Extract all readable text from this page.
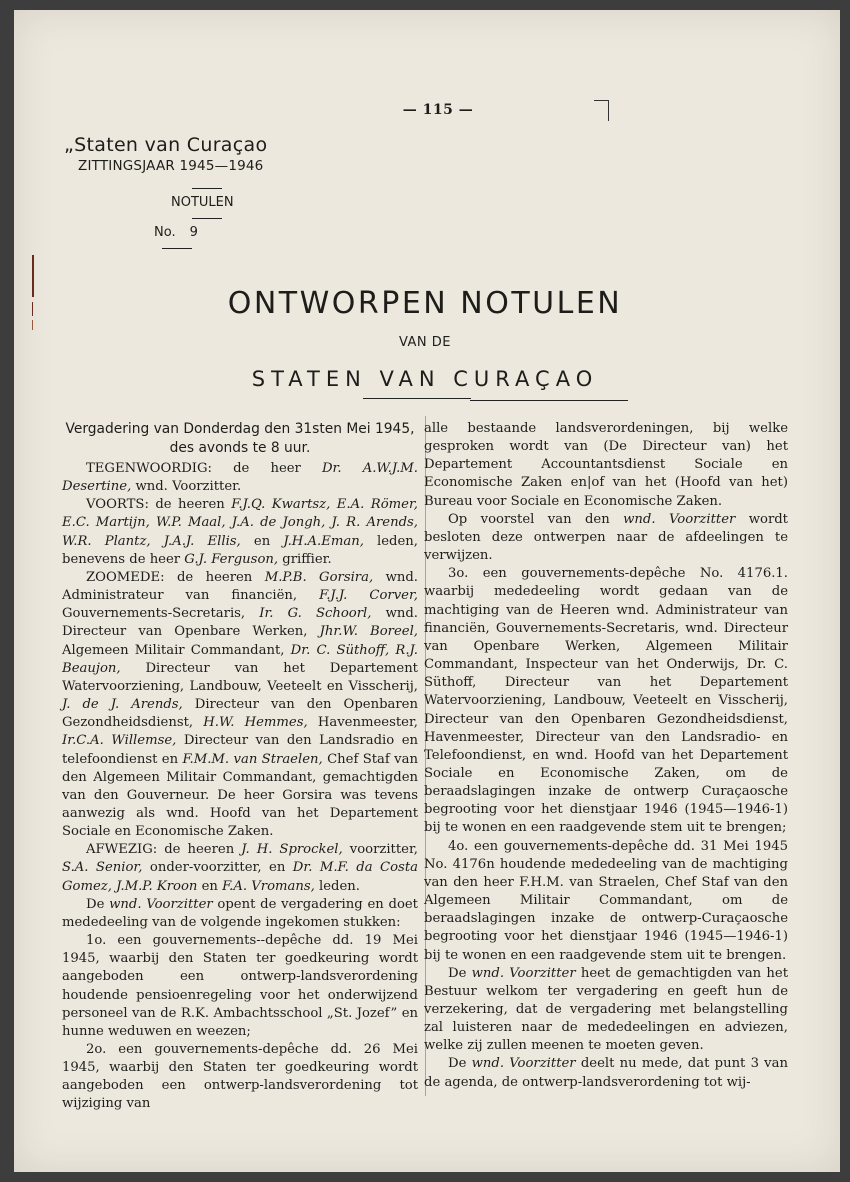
— 115 —
„Staten van Curaçao
ZITTINGSJAAR 1945—1946
NOTULEN
No. 9
ONTWORPEN NOTULEN
VAN DE
STATEN VAN CURAÇAO
Vergadering van Donderdag den 31sten Mei 1945, des avonds te 8 uur.

TEGENWOORDIG: de heer Dr. A.W.J.M. Desertine, wnd. Voorzitter.

VOORTS: de heeren F.J.Q. Kwartsz, E.A. Römer, E.C. Martijn, W.P. Maal, J.A. de Jongh, J. R. Arends, W.R. Plantz, J.A.J. Ellis, en J.H.A.Eman, leden, benevens de heer G.J. Ferguson, griffier.

ZOOMEDE: de heeren M.P.B. Gorsira, wnd. Administrateur van financiën, F.J.J. Corver, Gouvernements-Secretaris, Ir. G. Schoorl, wnd. Directeur van Openbare Werken, Jhr.W. Boreel, Algemeen Militair Commandant, Dr. C. Süthoff, R.J. Beaujon, Directeur van het Departement Watervoorziening, Landbouw, Veeteelt en Visscherij, J. de J. Arends, Directeur van den Openbaren Gezondheidsdienst, H.W. Hemmes, Havenmeester, Ir.C.A. Willemse, Directeur van den Landsradio en telefoondienst en F.M.M. van Straelen, Chef Staf van den Algemeen Militair Commandant, gemachtigden van den Gouverneur. De heer Gorsira was tevens aanwezig als wnd. Hoofd van het Departement Sociale en Economische Zaken.

AFWEZIG: de heeren J. H. Sprockel, voorzitter, S.A. Senior, onder-voorzitter, en Dr. M.F. da Costa Gomez, J.M.P. Kroon en F.A. Vromans, leden.

De wnd. Voorzitter opent de vergadering en doet mededeeling van de volgende ingekomen stukken:

1o. een gouvernements--depêche dd. 19 Mei 1945, waarbij den Staten ter goedkeuring wordt aangeboden een ontwerp-landsverordening houdende pensioenregeling voor het onderwijzend personeel van de R.K. Ambachtsschool „St. Jozef” en hunne weduwen en weezen;

2o. een gouvernements-depêche dd. 26 Mei 1945, waarbij den Staten ter goedkeuring wordt aangeboden een ontwerp-landsverordening tot wijziging van

alle bestaande landsverordeningen, bij welke gesproken wordt van (De Directeur van) het Departement Accountantsdienst Sociale en Economische Zaken en|of van het (Hoofd van het) Bureau voor Sociale en Economische Zaken.

Op voorstel van den wnd. Voorzitter wordt besloten deze ontwerpen naar de afdeelingen te verwijzen.

3o. een gouvernements-depêche No. 4176.1. waarbij mededeeling wordt gedaan van de machtiging van de Heeren wnd. Administrateur van financiën, Gouvernements-Secretaris, wnd. Directeur van Openbare Werken, Algemeen Militair Commandant, Inspecteur van het Onderwijs, Dr. C. Süthoff, Directeur van het Departement Watervoorziening, Landbouw, Veeteelt en Visscherij, Directeur van den Openbaren Gezondheidsdienst, Havenmeester, Directeur van den Landsradio- en Telefoondienst, en wnd. Hoofd van het Departement Sociale en Economische Zaken, om de beraadslagingen inzake de ontwerp Curaçaosche begrooting voor het dienstjaar 1946 (1945—1946-1) bij te wonen en een raadgevende stem uit te brengen;

4o. een gouvernements-depêche dd. 31 Mei 1945 No. 4176n houdende mededeeling van de machtiging van den heer F.H.M. van Straelen, Chef Staf van den Algemeen Militair Commandant, om de beraadslagingen inzake de ontwerp-Curaçaosche begrooting voor het dienstjaar 1946 (1945—1946-1) bij te wonen en een raadgevende stem uit te brengen.

De wnd. Voorzitter heet de gemachtigden van het Bestuur welkom ter vergadering en geeft hun de verzekering, dat de vergadering met belangstelling zal luisteren naar de mededeelingen en adviezen, welke zij zullen meenen te moeten geven.

De wnd. Voorzitter deelt nu mede, dat punt 3 van de agenda, de ontwerp-landsverordening tot wij-
